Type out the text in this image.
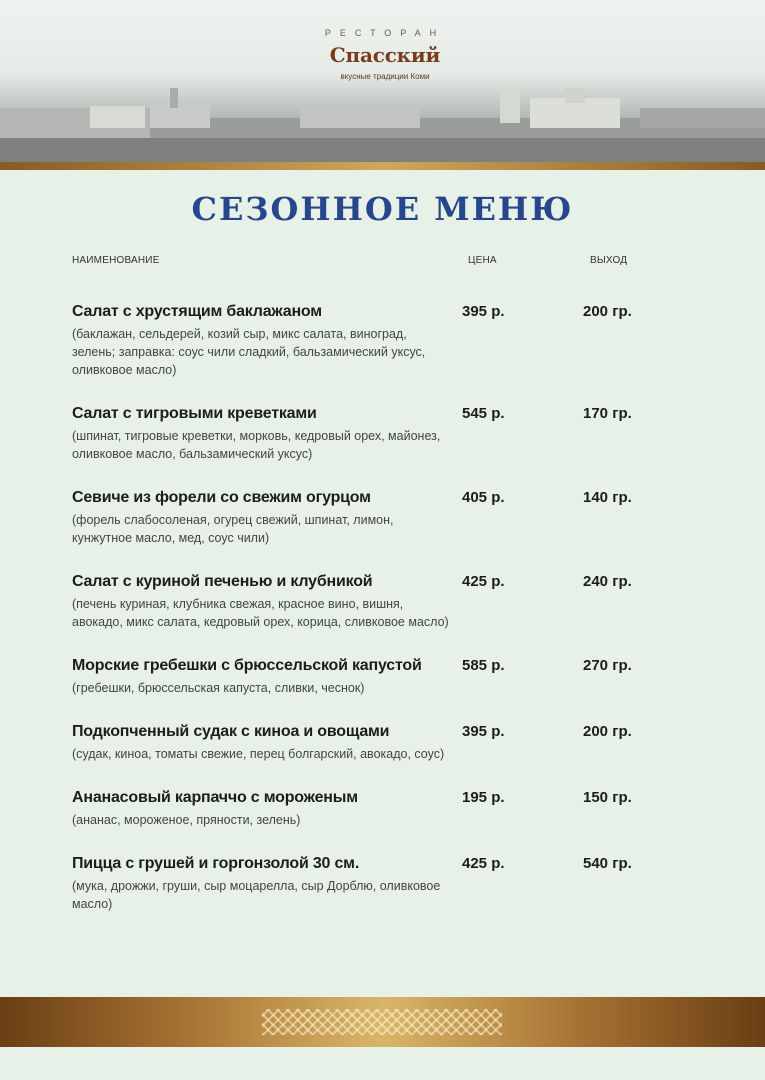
РЕСТОРАН
Спасский
вкусные традиции Коми
СЕЗОННОЕ МЕНЮ
НАИМЕНОВАНИЕ	ЦЕНА	ВЫХОД
Салат с хрустящим баклажаном	395 р.	200 гр.
(баклажан, сельдерей, козий сыр, микс салата, виноград, зелень; заправка: соус чили сладкий, бальзамический уксус, оливковое масло)
Салат с тигровыми креветками	545 р.	170 гр.
(шпинат, тигровые креветки, морковь, кедровый орех, майонез, оливковое масло, бальзамический уксус)
Севиче из форели со свежим огурцом	405 р.	140 гр.
(форель слабосоленая, огурец свежий, шпинат, лимон, кунжутное масло, мед, соус чили)
Салат с куриной печенью и клубникой	425 р.	240 гр.
(печень куриная, клубника свежая, красное вино, вишня, авокадо, микс салата, кедровый орех, корица, сливковое масло)
Морские гребешки с брюссельской капустой	585 р.	270 гр.
(гребешки, брюссельская капуста, сливки, чеснок)
Подкопченный судак с киноа и овощами	395 р.	200 гр.
(судак, киноа, томаты свежие, перец болгарский, авокадо, соус)
Ананасовый карпаччо с мороженым	195 р.	150 гр.
(ананас, мороженое, пряности, зелень)
Пицца с грушей и горгонзолой 30 см.	425 р.	540 гр.
(мука, дрожжи, груши, сыр моцарелла, сыр Дорблю, оливковое масло)
